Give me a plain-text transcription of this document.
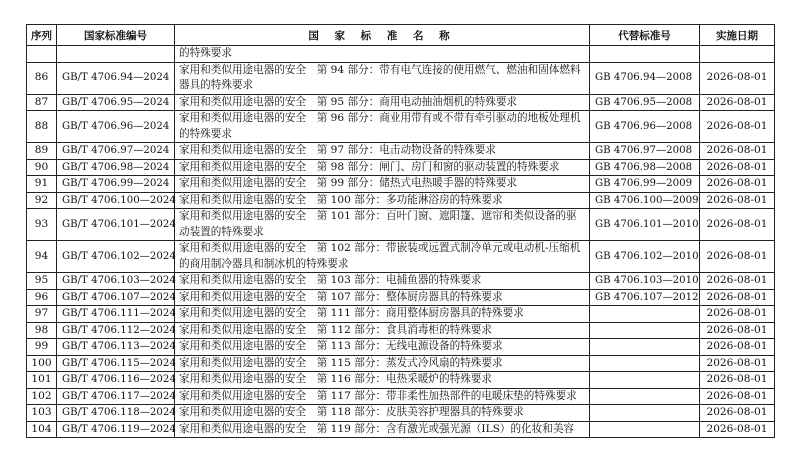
序列	国家标准编号	国 家 标 准 名 称	代替标准号	实施日期
		的特殊要求		
86	GB/T 4706.94—2024	家用和类似用途电器的安全　第 94 部分：带有电气连接的使用燃气、燃油和固体燃料器具的特殊要求	GB 4706.94—2008	2026-08-01
87	GB/T 4706.95—2024	家用和类似用途电器的安全　第 95 部分：商用电动抽油烟机的特殊要求	GB 4706.95—2008	2026-08-01
88	GB/T 4706.96—2024	家用和类似用途电器的安全　第 96 部分：商业用带有或不带有牵引驱动的地板处理机的特殊要求	GB 4706.96—2008	2026-08-01
89	GB/T 4706.97—2024	家用和类似用途电器的安全　第 97 部分：电击动物设备的特殊要求	GB 4706.97—2008	2026-08-01
90	GB/T 4706.98—2024	家用和类似用途电器的安全　第 98 部分：闸门、房门和窗的驱动装置的特殊要求	GB 4706.98—2008	2026-08-01
91	GB/T 4706.99—2024	家用和类似用途电器的安全　第 99 部分：储热式电热暖手器的特殊要求	GB 4706.99—2009	2026-08-01
92	GB/T 4706.100—2024	家用和类似用途电器的安全　第 100 部分：多功能淋浴房的特殊要求	GB 4706.100—2009	2026-08-01
93	GB/T 4706.101—2024	家用和类似用途电器的安全　第 101 部分：百叶门窗、遮阳篷、遮帘和类似设备的驱动装置的特殊要求	GB 4706.101—2010	2026-08-01
94	GB/T 4706.102—2024	家用和类似用途电器的安全　第 102 部分：带嵌装或远置式制冷单元或电动机-压缩机的商用制冷器具和制冰机的特殊要求	GB 4706.102—2010	2026-08-01
95	GB/T 4706.103—2024	家用和类似用途电器的安全　第 103 部分：电捕鱼器的特殊要求	GB 4706.103—2010	2026-08-01
96	GB/T 4706.107—2024	家用和类似用途电器的安全　第 107 部分：整体厨房器具的特殊要求	GB 4706.107—2012	2026-08-01
97	GB/T 4706.111—2024	家用和类似用途电器的安全　第 111 部分：商用整体厨房器具的特殊要求		2026-08-01
98	GB/T 4706.112—2024	家用和类似用途电器的安全　第 112 部分：食具消毒柜的特殊要求		2026-08-01
99	GB/T 4706.113—2024	家用和类似用途电器的安全　第 113 部分：无线电源设备的特殊要求		2026-08-01
100	GB/T 4706.115—2024	家用和类似用途电器的安全　第 115 部分：蒸发式冷风扇的特殊要求		2026-08-01
101	GB/T 4706.116—2024	家用和类似用途电器的安全　第 116 部分：电热采暖炉的特殊要求		2026-08-01
102	GB/T 4706.117—2024	家用和类似用途电器的安全　第 117 部分：带非柔性加热部件的电暖床垫的特殊要求		2026-08-01
103	GB/T 4706.118—2024	家用和类似用途电器的安全　第 118 部分：皮肤美容护理器具的特殊要求		2026-08-01
104	GB/T 4706.119—2024	家用和类似用途电器的安全　第 119 部分：含有激光或强光源（ILS）的化妆和美容		2026-08-01
